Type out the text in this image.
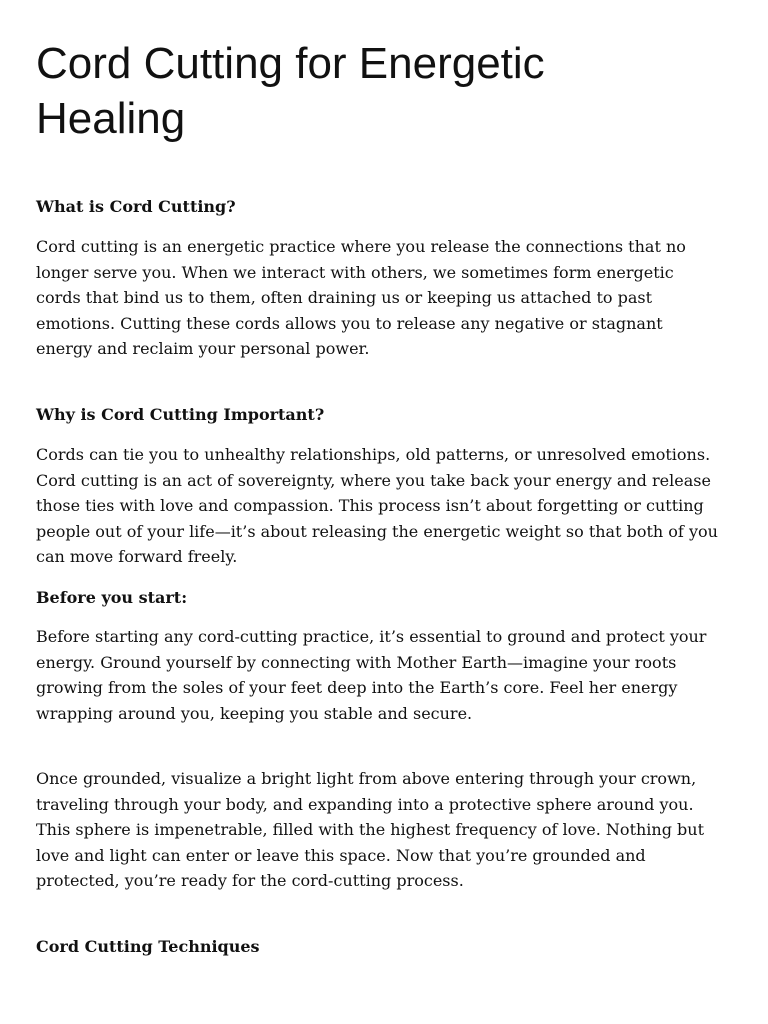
Cord Cutting for Energetic Healing
What is Cord Cutting?

Cord cutting is an energetic practice where you release the connections that no
longer serve you. When we interact with others, we sometimes form energetic
cords that bind us to them, often draining us or keeping us attached to past
emotions. Cutting these cords allows you to release any negative or stagnant
energy and reclaim your personal power.

Why is Cord Cutting Important?

Cords can tie you to unhealthy relationships, old patterns, or unresolved emotions.
Cord cutting is an act of sovereignty, where you take back your energy and release
those ties with love and compassion. This process isn’t about forgetting or cutting
people out of your life—it’s about releasing the energetic weight so that both of you
can move forward freely.

Before you start:

Before starting any cord-cutting practice, it’s essential to ground and protect your
energy. Ground yourself by connecting with Mother Earth—imagine your roots
growing from the soles of your feet deep into the Earth’s core. Feel her energy
wrapping around you, keeping you stable and secure.

Once grounded, visualize a bright light from above entering through your crown,
traveling through your body, and expanding into a protective sphere around you.
This sphere is impenetrable, filled with the highest frequency of love. Nothing but
love and light can enter or leave this space. Now that you’re grounded and
protected, you’re ready for the cord-cutting process.

Cord Cutting Techniques
